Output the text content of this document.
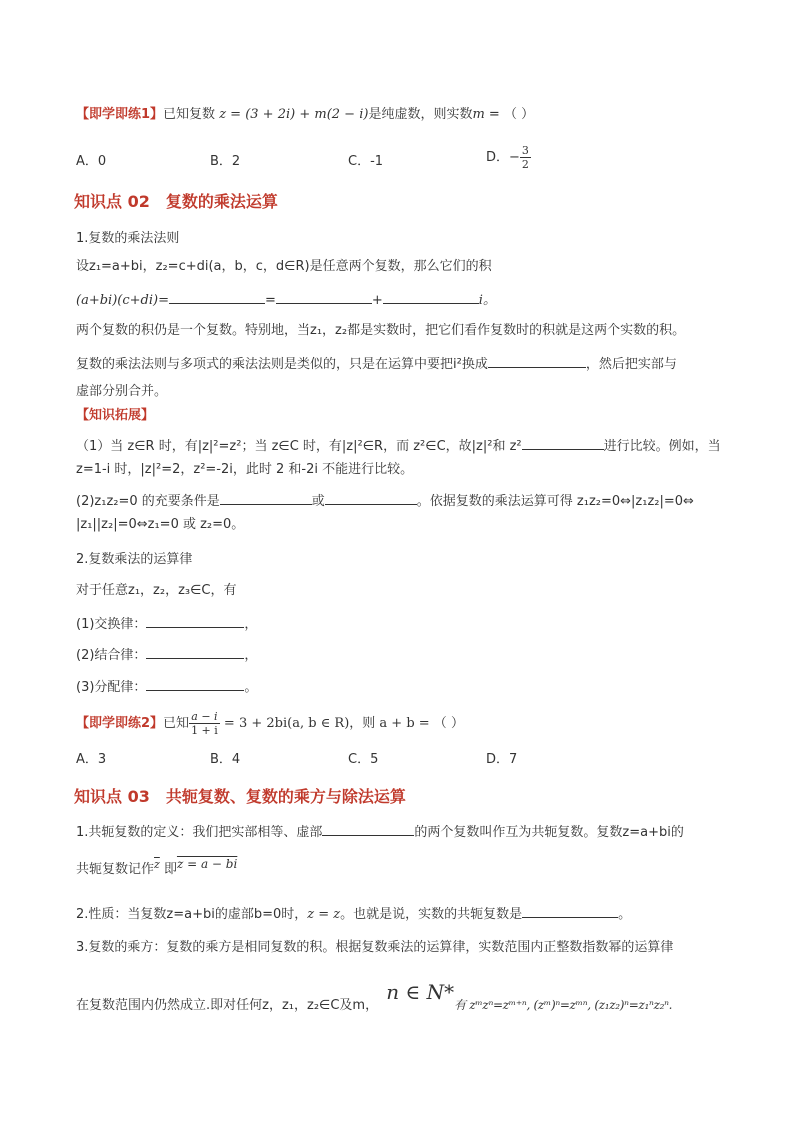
【即学即练1】已知复数 z = (3 + 2i) + m(2 − i)是纯虚数，则实数m = （ ）
A．0	B．2	C．-1	D．− $\frac{3}{2}$
知识点 02 复数的乘法运算
1.复数的乘法法则
设z₁=a+bi，z₂=c+di(a，b，c，d∈R)是任意两个复数，那么它们的积
(a+bi)(c+di)=	=	+	i。
两个复数的积仍是一个复数。特别地，当z₁，z₂都是实数时，把它们看作复数时的积就是这两个实数的积。
复数的乘法法则与多项式的乘法法则是类似的，只是在运算中要把i²换成	，然后把实部与
虚部分别合并。
【知识拓展】
（1）当 z∈R 时，有|z|²=z²；当 z∈C 时，有|z|²∈R，而 z²∈C，故|z|²和 z²	进行比较。例如，当
z=1-i 时，|z|²=2，z²=-2i，此时 2 和-2i 不能进行比较。
(2)z₁z₂=0 的充要条件是	或	。依据复数的乘法运算可得 z₁z₂=0⇔|z₁z₂|=0⇔
|z₁||z₂|=0⇔z₁=0 或 z₂=0。
2.复数乘法的运算律
对于任意z₁，z₂，z₃∈C，有
(1)交换律：	，
(2)结合律：	，
(3)分配律：	。
【即学即练2】已知 $\frac{a - i}{1 + i} = 3 + 2bi(a$, b ∈ R)，则 a + b = （ ）
A．3	B．4	C．5	D．7
知识点 03 共轭复数、复数的乘方与除法运算
1.共轭复数的定义：我们把实部相等、虚部	的两个复数叫作互为共轭复数。复数z=a+bi的
共轭复数记作$^{\overline{z}}$ 即z = a − bi
2.性质：当复数z=a+bi的虚部b=0时，z = z。也就是说，实数的共轭复数是	。
3.复数的乘方：复数的乘方是相同复数的积。根据复数乘法的运算律，实数范围内正整数指数幂的运算律
在复数范围内仍然成立.即对任何z，z₁，z₂∈C及m， n ∈ N*有 zᵐzⁿ=zᵐ⁺ⁿ, (zᵐ)ⁿ=zᵐⁿ, (z₁z₂)ⁿ=z₁ⁿz₂ⁿ.
